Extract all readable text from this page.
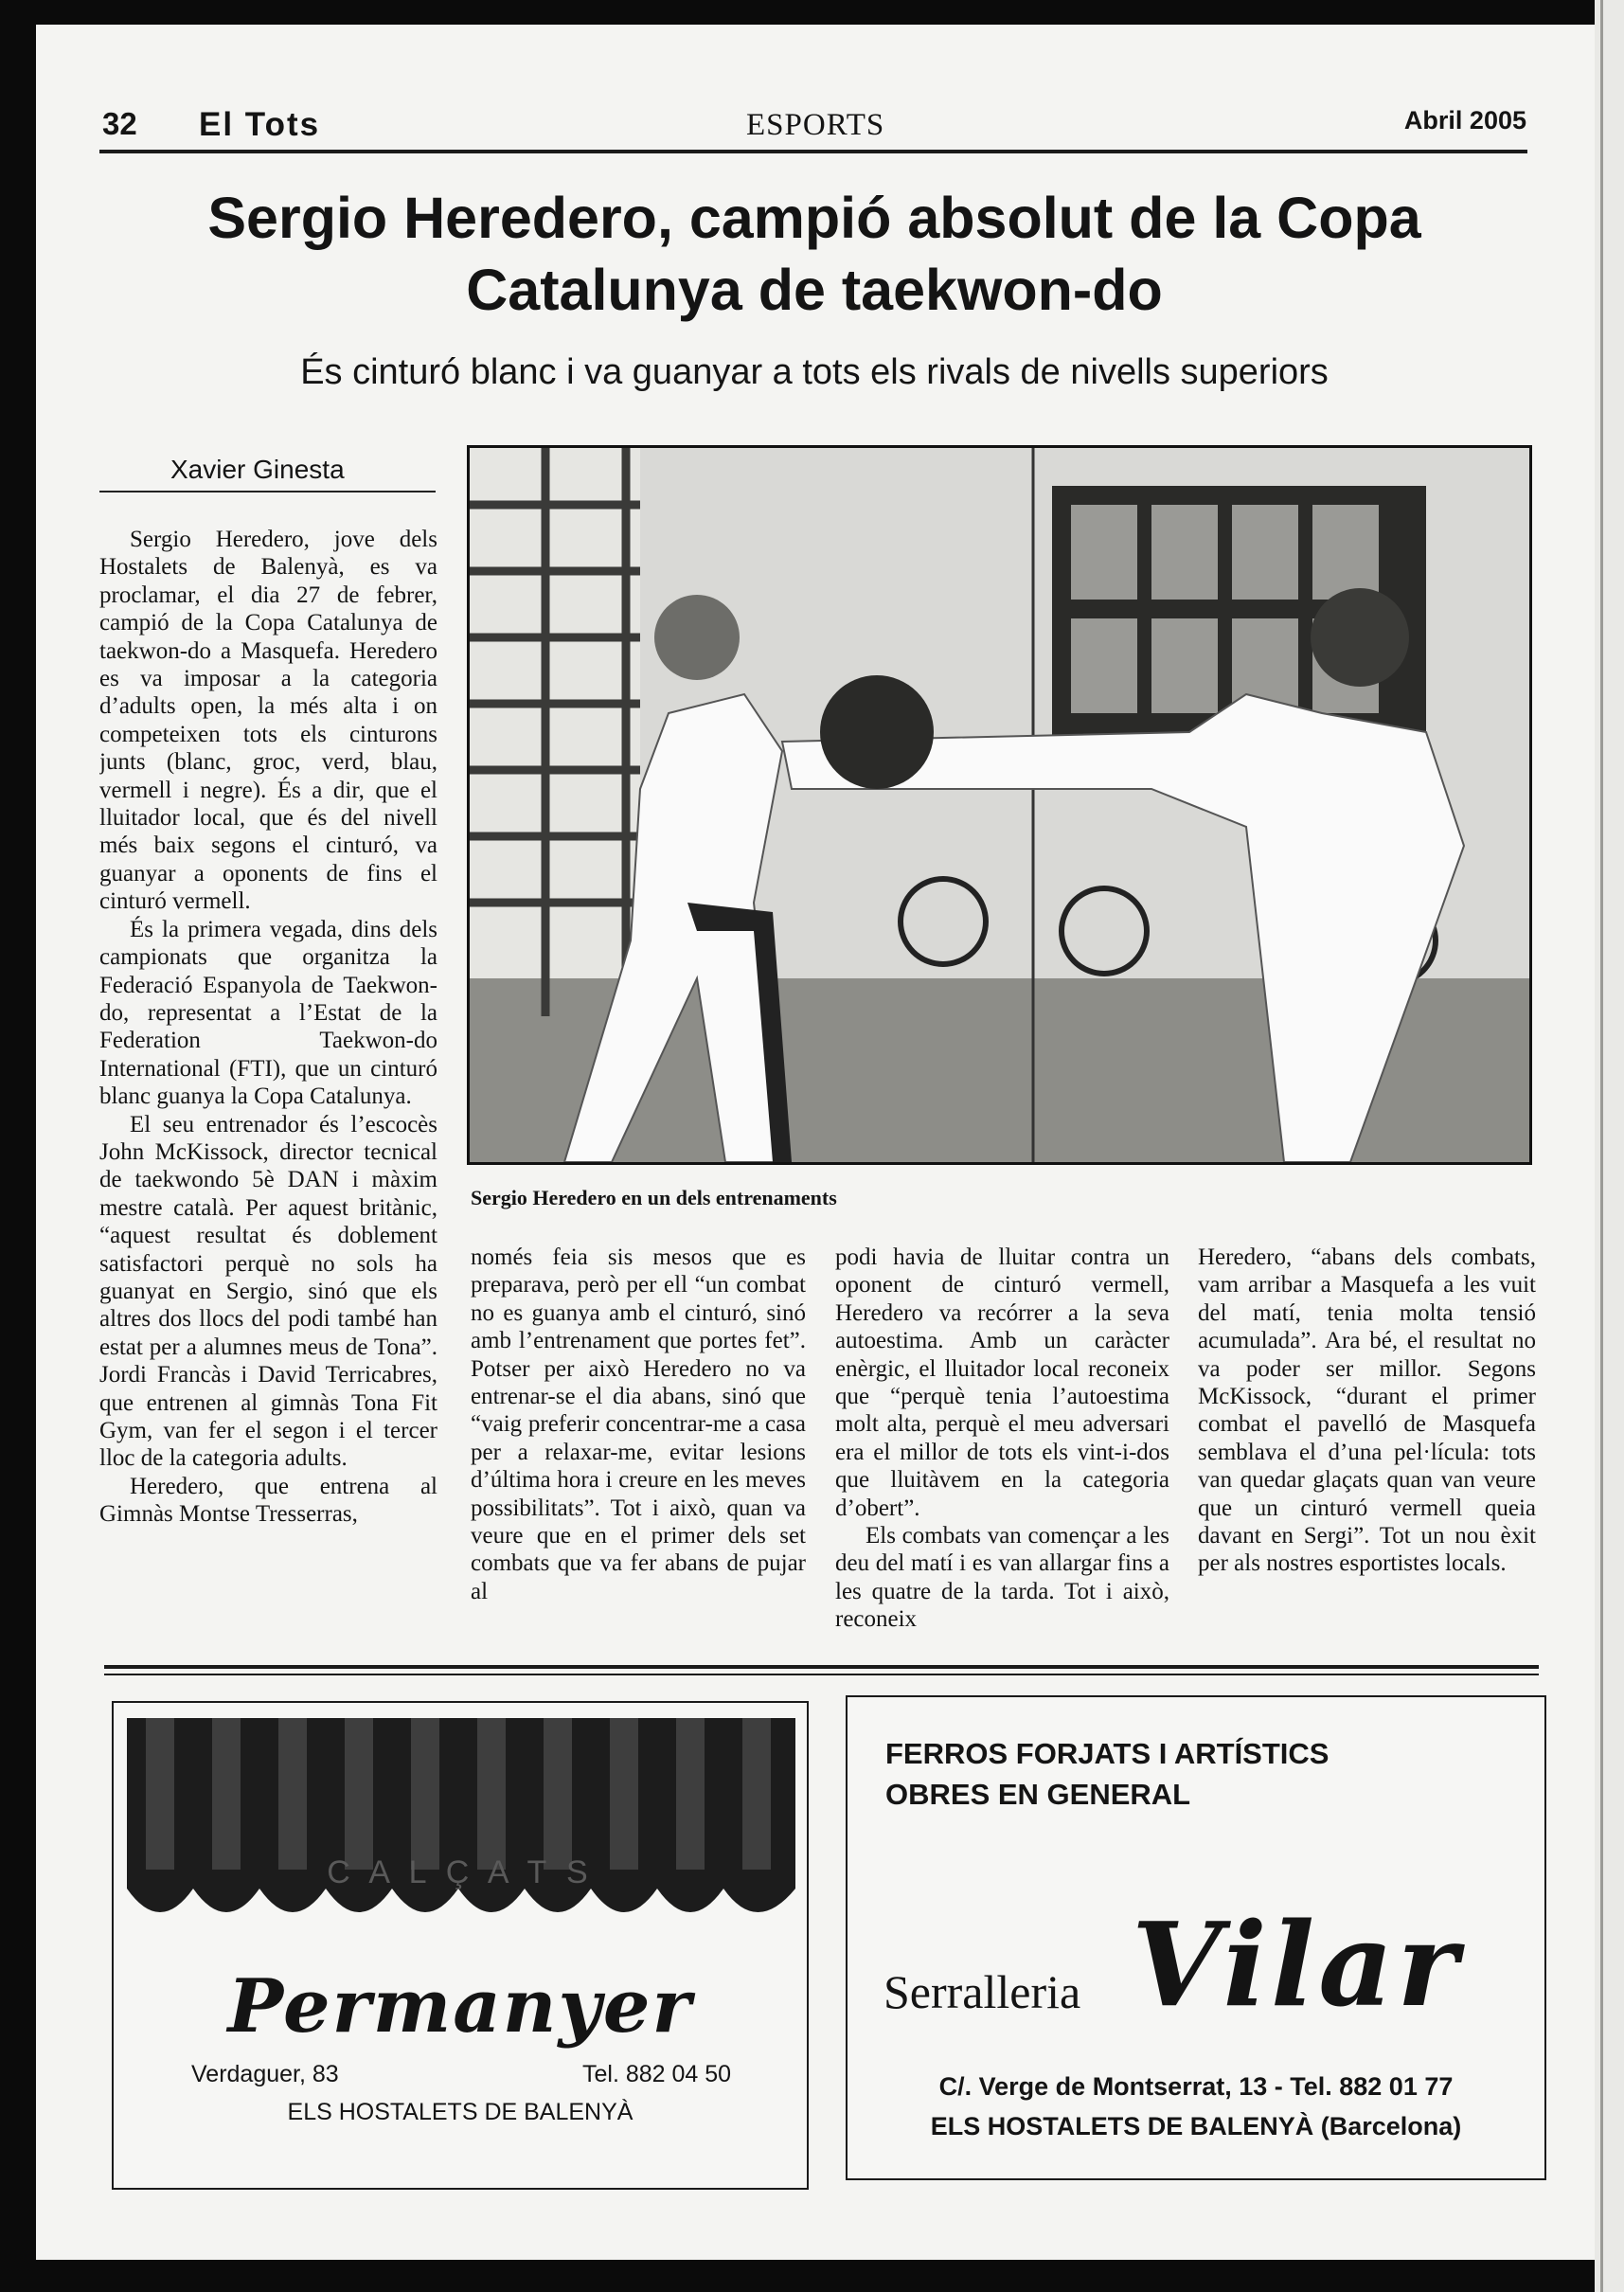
32 El Tots	ESPORTS	Abril 2005
Sergio Heredero, campió absolut de la Copa
Catalunya de taekwon-do
És cinturó blanc i va guanyar a tots els rivals de nivells superiors
Xavier Ginesta

Sergio Heredero, jove dels Hostalets de Balenyà, es va proclamar, el dia 27 de febrer, campió de la Copa Catalunya de taekwon-do a Masquefa. Heredero es va imposar a la categoria d’adults open, la més alta i on competeixen tots els cinturons junts (blanc, groc, verd, blau, vermell i negre). És a dir, que el lluitador local, que és del nivell més baix segons el cinturó, va guanyar a oponents de fins el cinturó vermell.

És la primera vegada, dins dels campionats que organitza la Federació Espanyola de Taekwon-do, representat a l’Estat de la Federation Taekwon-do International (FTI), que un cinturó blanc guanya la Copa Catalunya.

El seu entrenador és l’escocès John McKissock, director tecnical de taekwondo 5è DAN i màxim mestre català. Per aquest britànic, “aquest resultat és doblement satisfactori perquè no sols ha guanyat en Sergio, sinó que els altres dos llocs del podi també han estat per a alumnes meus de Tona”. Jordi Francàs i David Terricabres, que entrenen al gimnàs Tona Fit Gym, van fer el segon i el tercer lloc de la categoria adults.

Heredero, que entrena al Gimnàs Montse Tresserras,

Sergio Heredero en un dels entrenaments

només feia sis mesos que es preparava, però per ell “un combat no es guanya amb el cinturó, sinó amb l’entrenament que portes fet”. Potser per això Heredero no va entrenar-se el dia abans, sinó que “vaig preferir concentrar-me a casa per a relaxar-me, evitar lesions d’última hora i creure en les meves possibilitats”. Tot i això, quan va veure que en el primer dels set combats que va fer abans de pujar al

podi havia de lluitar contra un oponent de cinturó vermell, Heredero va recórrer a la seva autoestima. Amb un caràcter enèrgic, el lluitador local reconeix que “perquè tenia l’autoestima molt alta, perquè el meu adversari era el millor de tots els vint-i-dos que lluitàvem en la categoria d’obert”.

Els combats van començar a les deu del matí i es van allargar fins a les quatre de la tarda. Tot i això, reconeix

Heredero, “abans dels combats, vam arribar a Masquefa a les vuit del matí, tenia molta tensió acumulada”. Ara bé, el resultat no va poder ser millor. Segons McKissock, “durant el primer combat el pavelló de Masquefa semblava el d’una pel·lícula: tots van quedar glaçats quan van veure que un cinturó vermell queia davant en Sergi”. Tot un nou èxit per als nostres esportistes locals.

C A L Ç A T S
Permanyer
Verdaguer, 83	Tel. 882 04 50
ELS HOSTALETS DE BALENYÀ
FERROS FORJATS I ARTÍSTICS
OBRES EN GENERAL
Serralleria Vilar
C/. Verge de Montserrat, 13 - Tel. 882 01 77
ELS HOSTALETS DE BALENYÀ (Barcelona)
